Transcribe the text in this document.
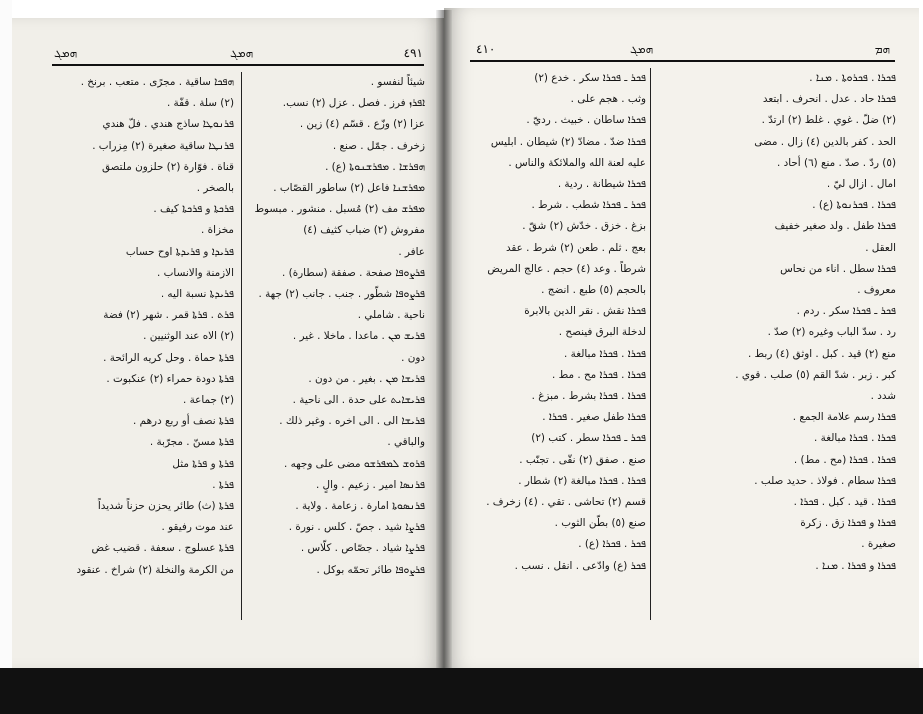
ܗܡܓ	ܗܡܓ	٤٩١	٤١٠	ܗܡܓ	ܗܡ
ܗܦܟܐ ساقية . مجرًى . متعب . برنخ .
(٢) سلة . قفّة .
ܦܪܢܘܛܐ ساذج هندي . فلّ هندي
ܦܪܢܛܐ ساقية صغيرة (٢) مِزراب .
قناة . فوّارة (٢) حلزون ملتصق
بالصخر .
ܦܪܟܬܐ و ܦܪܟܬܐ كيف .
مخزاة .
ܦܪܝܕܐ و ܦܪܝܕܬܐ اوح حساب
الازمنة والانساب .
ܦܪܝܕܬܐ نسبة اليه .
ܦܪܬ . ܦܪܬܐ قمر . شهر (٢) فضة
(٢) الاه عند الوثنيين .
ܦܪܬܐ حماة . وحل كريه الرائحة .
ܦܪܬܐ دودة حمراء (٢) عنكبوت .
(٢) جماعة .
ܦܪܬܐ نصف أو ربع درهم .
ܦܪܬܐ مسنّ . مجرّبة .
ܦܪܬܐ و ܦܪܬܐ مثل
ܦܪܬܐ .
ܦܪܬܐ (ث) طائر يحزن حزناً شديداً
عند موت رفيقو .
ܦܪܬܐ عسلوج . سعفة . قضيب غض
من الكرمة والنخلة (٢) شراخ . عنقود
شيئاً لنفسو .
ܐܦܪܙ فرز . فصل . عزل (٢) نسب.
عزا (٢) وزّع . قسّم (٤) زين .
زخرف . جمّل . صنع .
ܗܦܪܫܐ . ܡܦܪܫܢܘܬܐ (ع) .
ܡܦܪܫܢܐ فاعل (٢) ساطور القصّاب .
ܡܦܪܫ مف (٢) مُسبل . منشور . مبسوط
مفروش (٢) ضباب كثيف (٤)
عافر .
ܦܪܨܘܦܐ صفحة . صفقة (سطارة) .
ܦܪܨܘܦܐ شطّور . جنب . جانب (٢) جهة .
ناحية . شاملي .
ܦܪܝܫ ܡܢ . ماعدا . ماخلا . غير .
دون .
ܦܪܝܫܐ ܡܢ . بغير . من دون .
ܦܪܝܫܐܝܬ على حدة . الى ناحية .
ܦܪܝܫܐ الى . الى اخره . وغير ذلك .
والباقي .
ܦܪܘܫ ܠܡܦܪܫܘ مضى على وجهه .
ܦܪܢܣܐ امير . زعيم . والٍ .
ܦܪܢܣܘܬܐ امارة . زعامة . ولاية .
ܦܪܨܐ شيد . جصّ . كلس . نورة .
ܦܪܨܐ شياد . جصّاص . كلّاس .
ܦܪܨܘܦܐ طائر تحمّه بوكل .
ܦܟܪ ـ ܦܟܪܐ سكر . خدع (٢)
وثب . هجم على .
ܦܟܪܐ ساطان . خبيث . رديّ .
ܦܟܪܐ ضدّ . مضادّ (٢) شيطان . ابليس
عليه لعنة الله والملائكة والناس .
ܦܟܪܐ شيطانة . ردية .
ܦܟܪ ـ ܦܟܪܐ شطب . شرط .
بزغ . خزق . خدّش (٢) شقّ .
بعج . ثلم . طعن (٢) شرط . عقد
شرطاً . وعد (٤) حجم . عالج المريض
بالحجم (٥) طبع . انضج .
ܦܟܪܐ نقش . نقر الدين بالابرة
لدخلة البرق فينصح .
ܦܟܪܐ . ܦܟܪܐ مبالغة .
ܦܟܪܐ . ܦܟܪܐ مح . مط .
ܦܟܪܐ . ܦܟܪܐ بشرط . مبزغ .
ܦܟܪܐ طفل صغير . ܦܟܪܐ .
ܦܟܪ ـ ܦܟܪܐ سطر . كتب (٢)
صنع . صفق (٢) نقّى . تجنّب .
ܦܟܪܐ . ܦܟܪܐ مبالغة (٢) شطار .
قسم (٢) تحاشى . تقي . (٤) زخرف .
صنع (٥) بطّن الثوب .
ܦܟܪ . ܦܟܪܐ (ع) .
ܦܟܪ (ع) وادّعى . انقل . نسب .
ܦܟܪܐ . ܦܟܪܘܬܐ . ܡܢܐ .
ܦܟܪܐ حاد . عدل . انحرف . ابتعد
(٢) ضلّ . غوي . غلط (٢) ارتدّ .
الحد . كفر بالدين (٤) زال . مضى
(٥) ردّ . صدّ . منع (٦) أحاد .
امال . ازال ليّ .
ܦܟܪܐ . ܦܟܪܢܘܬܐ (ع) .
ܦܟܪܐ طفل . ولد صغير خفيف
العقل .
ܦܟܪܐ سطل . اناء من نحاس
معروف .
ܦܟܪ ـ ܦܟܪܐ سكر . ردم .
رد . سدّ الباب وغيره (٢) صدّ .
منع (٢) قيد . كبل . اوثق (٤) ربط .
كبر . زبر . شدّ القم (٥) صلب . قوي .
شدد .
ܦܟܪܐ رسم علامة الجمع .
ܦܟܪܐ . ܦܟܪܐ مبالغة .
ܦܟܪܐ . ܦܟܪܐ (مح . مط) .
ܦܟܪܐ سطام . فولاذ . حديد صلب .
ܦܟܪܐ . قيد . كبل . ܦܟܪܐ .
ܦܟܪܐ و ܦܟܪܐ زق . زكرة
صغيرة .
ܦܟܪܐ و ܦܟܪܐ . ܡܢܐ .
